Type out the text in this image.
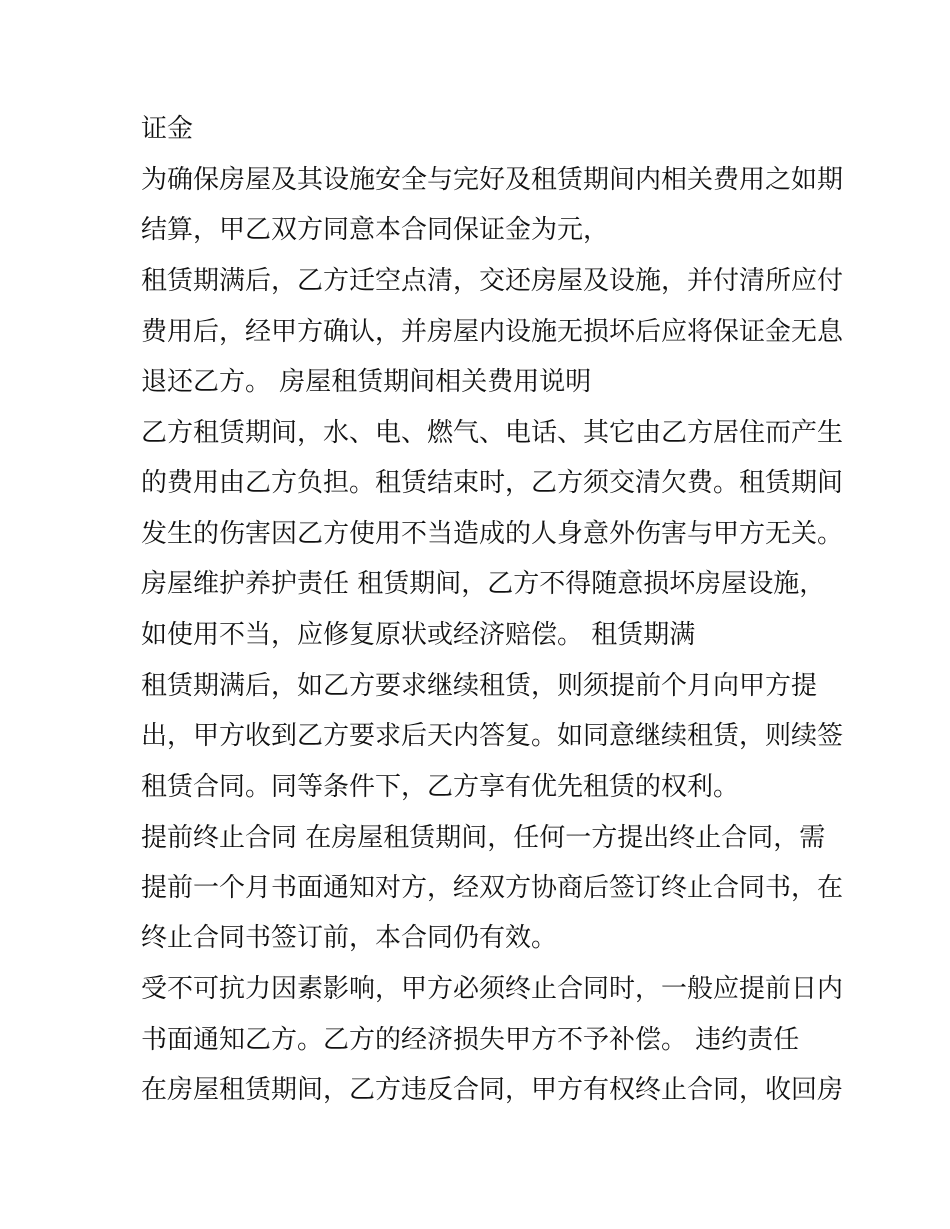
证金
为确保房屋及其设施安全与完好及租赁期间内相关费用之如期
结算，甲乙双方同意本合同保证金为元，
租赁期满后，乙方迁空点清，交还房屋及设施，并付清所应付
费用后，经甲方确认，并房屋内设施无损坏后应将保证金无息
退还乙方。 房屋租赁期间相关费用说明
乙方租赁期间，水、电、燃气、电话、其它由乙方居住而产生
的费用由乙方负担。租赁结束时，乙方须交清欠费。租赁期间
发生的伤害因乙方使用不当造成的人身意外伤害与甲方无关。
房屋维护养护责任 租赁期间，乙方不得随意损坏房屋设施，
如使用不当，应修复原状或经济赔偿。 租赁期满
租赁期满后，如乙方要求继续租赁，则须提前个月向甲方提
出，甲方收到乙方要求后天内答复。如同意继续租赁，则续签
租赁合同。同等条件下，乙方享有优先租赁的权利。
提前终止合同 在房屋租赁期间，任何一方提出终止合同，需
提前一个月书面通知对方，经双方协商后签订终止合同书，在
终止合同书签订前，本合同仍有效。
受不可抗力因素影响，甲方必须终止合同时，一般应提前日内
书面通知乙方。乙方的经济损失甲方不予补偿。 违约责任
在房屋租赁期间，乙方违反合同，甲方有权终止合同，收回房
